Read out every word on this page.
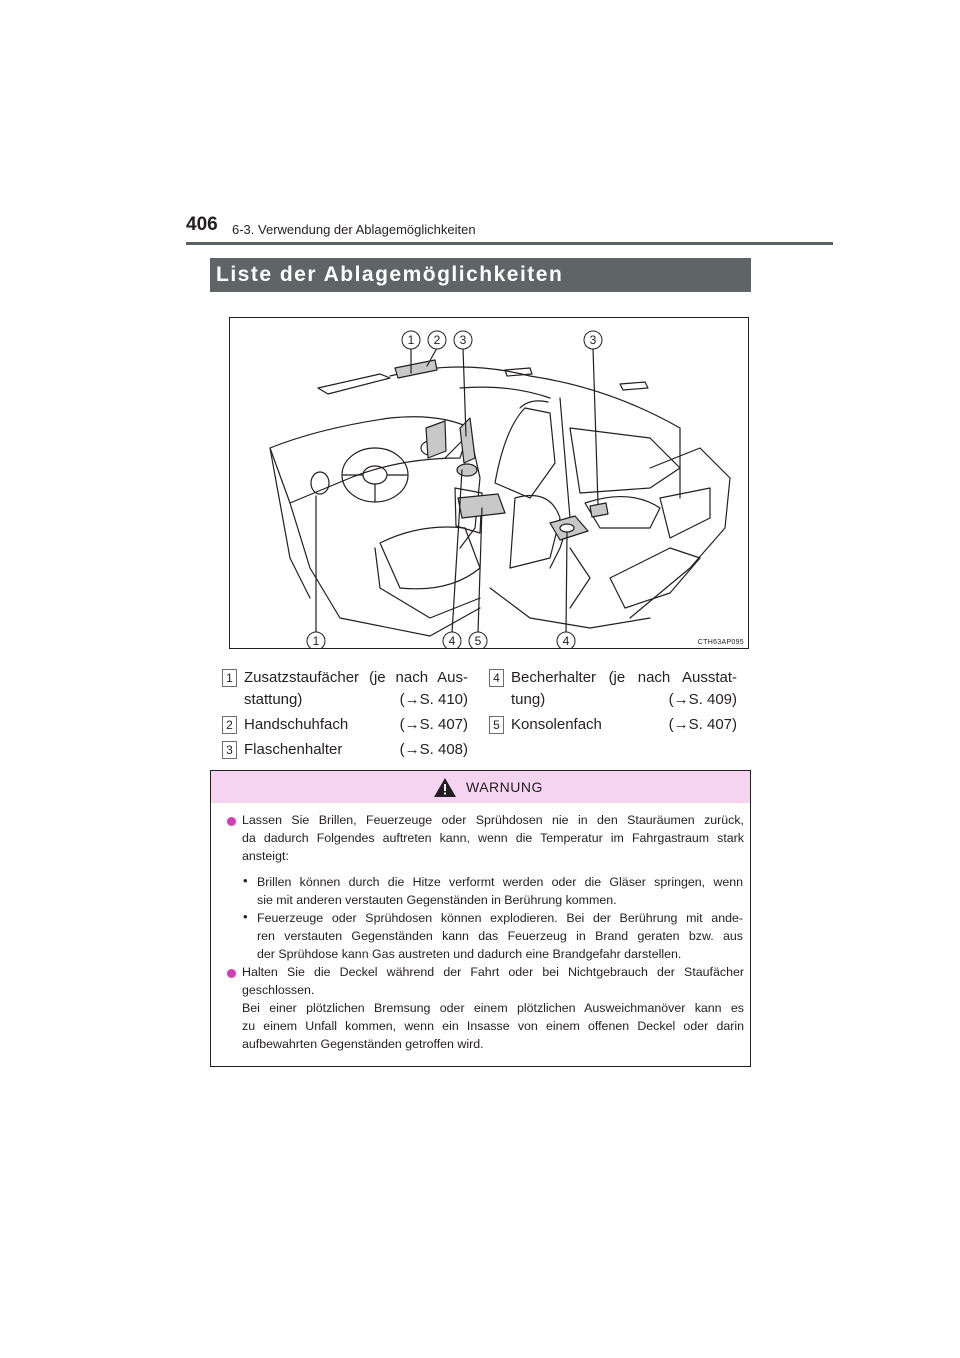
406 6-3. Verwendung der Ablagemöglichkeiten
Liste der Ablagemöglichkeiten
1 2 3	3
1	4 5	4	CTH63AP095
1 Zusatzstaufächer (je nach Aus-
stattung)	(→S. 410)
2 Handschuhfach	(→S. 407)
3 Flaschenhalter	(→S. 408)
4 Becherhalter (je nach Ausstat-
tung)	(→S. 409)
5 Konsolenfach	(→S. 407)
WARNUNG
Lassen Sie Brillen, Feuerzeuge oder Sprühdosen nie in den Stauräumen zurück,
da dadurch Folgendes auftreten kann, wenn die Temperatur im Fahrgastraum stark
ansteigt:
• Brillen können durch die Hitze verformt werden oder die Gläser springen, wenn
sie mit anderen verstauten Gegenständen in Berührung kommen.
• Feuerzeuge oder Sprühdosen können explodieren. Bei der Berührung mit ande-
ren verstauten Gegenständen kann das Feuerzeug in Brand geraten bzw. aus
der Sprühdose kann Gas austreten und dadurch eine Brandgefahr darstellen.
Halten Sie die Deckel während der Fahrt oder bei Nichtgebrauch der Staufächer
geschlossen.
Bei einer plötzlichen Bremsung oder einem plötzlichen Ausweichmanöver kann es
zu einem Unfall kommen, wenn ein Insasse von einem offenen Deckel oder darin
aufbewahrten Gegenständen getroffen wird.
